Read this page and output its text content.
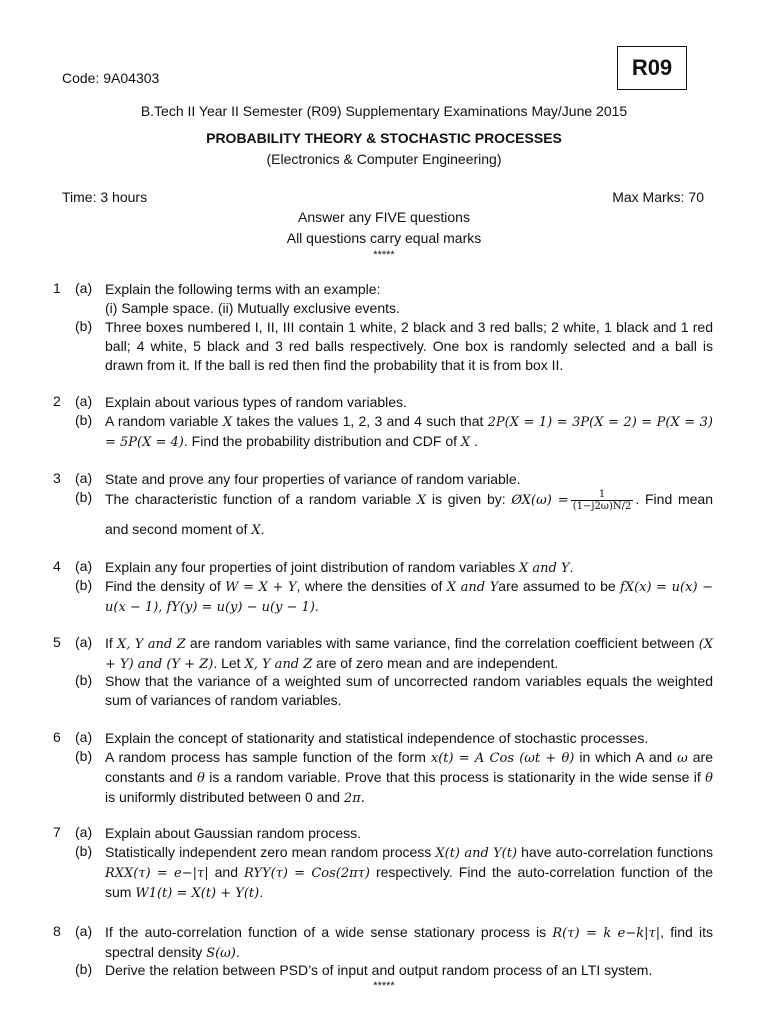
Code: 9A04303	R09
B.Tech II Year II Semester (R09) Supplementary Examinations May/June 2015
PROBABILITY THEORY & STOCHASTIC PROCESSES
(Electronics & Computer Engineering)
Time: 3 hours	Max Marks: 70
Answer any FIVE questions
All questions carry equal marks
*****
1 (a) Explain the following terms with an example:
(i) Sample space. (ii) Mutually exclusive events.
(b) Three boxes numbered I, II, III contain 1 white, 2 black and 3 red balls; 2 white, 1 black and 1 red ball; 4 white, 5 black and 3 red balls respectively. One box is randomly selected and a ball is drawn from it. If the ball is red then find the probability that it is from box II.
2 (a) Explain about various types of random variables.
(b) A random variable X takes the values 1, 2, 3 and 4 such that 2P(X = 1) = 3P(X = 2) = P(X = 3) = 5P(X = 4). Find the probability distribution and CDF of X .
3 (a) State and prove any four properties of variance of random variable.
(b) The characteristic function of a random variable X is given by: ØX(ω) = $\frac{1}{(1-j2\omega)N/2}$ . Find mean and second moment of X.
4 (a) Explain any four properties of joint distribution of random variables X and Y.
(b) Find the density of W = X + Y, where the densities of X and Yare assumed to be fX(x) = u(x) − u(x − 1), fY(y) = u(y) − u(y − 1).
5 (a) If X, Y and Z are random variables with same variance, find the correlation coefficient between (X + Y) and (Y + Z). Let X, Y and Z are of zero mean and are independent.
(b) Show that the variance of a weighted sum of uncorrected random variables equals the weighted sum of variances of random variables.
6 (a) Explain the concept of stationarity and statistical independence of stochastic processes.
(b) A random process has sample function of the form x(t) = A Cos (ωt + θ) in which A and ω are constants and θ is a random variable. Prove that this process is stationarity in the wide sense if θ is uniformly distributed between 0 and 2π.
7 (a) Explain about Gaussian random process.
(b) Statistically independent zero mean random process X(t) and Y(t) have auto-correlation functions RXX(τ) = e−|τ| and RYY(τ) = Cos(2πτ) respectively. Find the auto-correlation function of the sum W1(t) = X(t) + Y(t).
8 (a) If the auto-correlation function of a wide sense stationary process is R(τ) = k e−k|τ|, find its spectral density S(ω).
(b) Derive the relation between PSD’s of input and output random process of an LTI system.
*****
